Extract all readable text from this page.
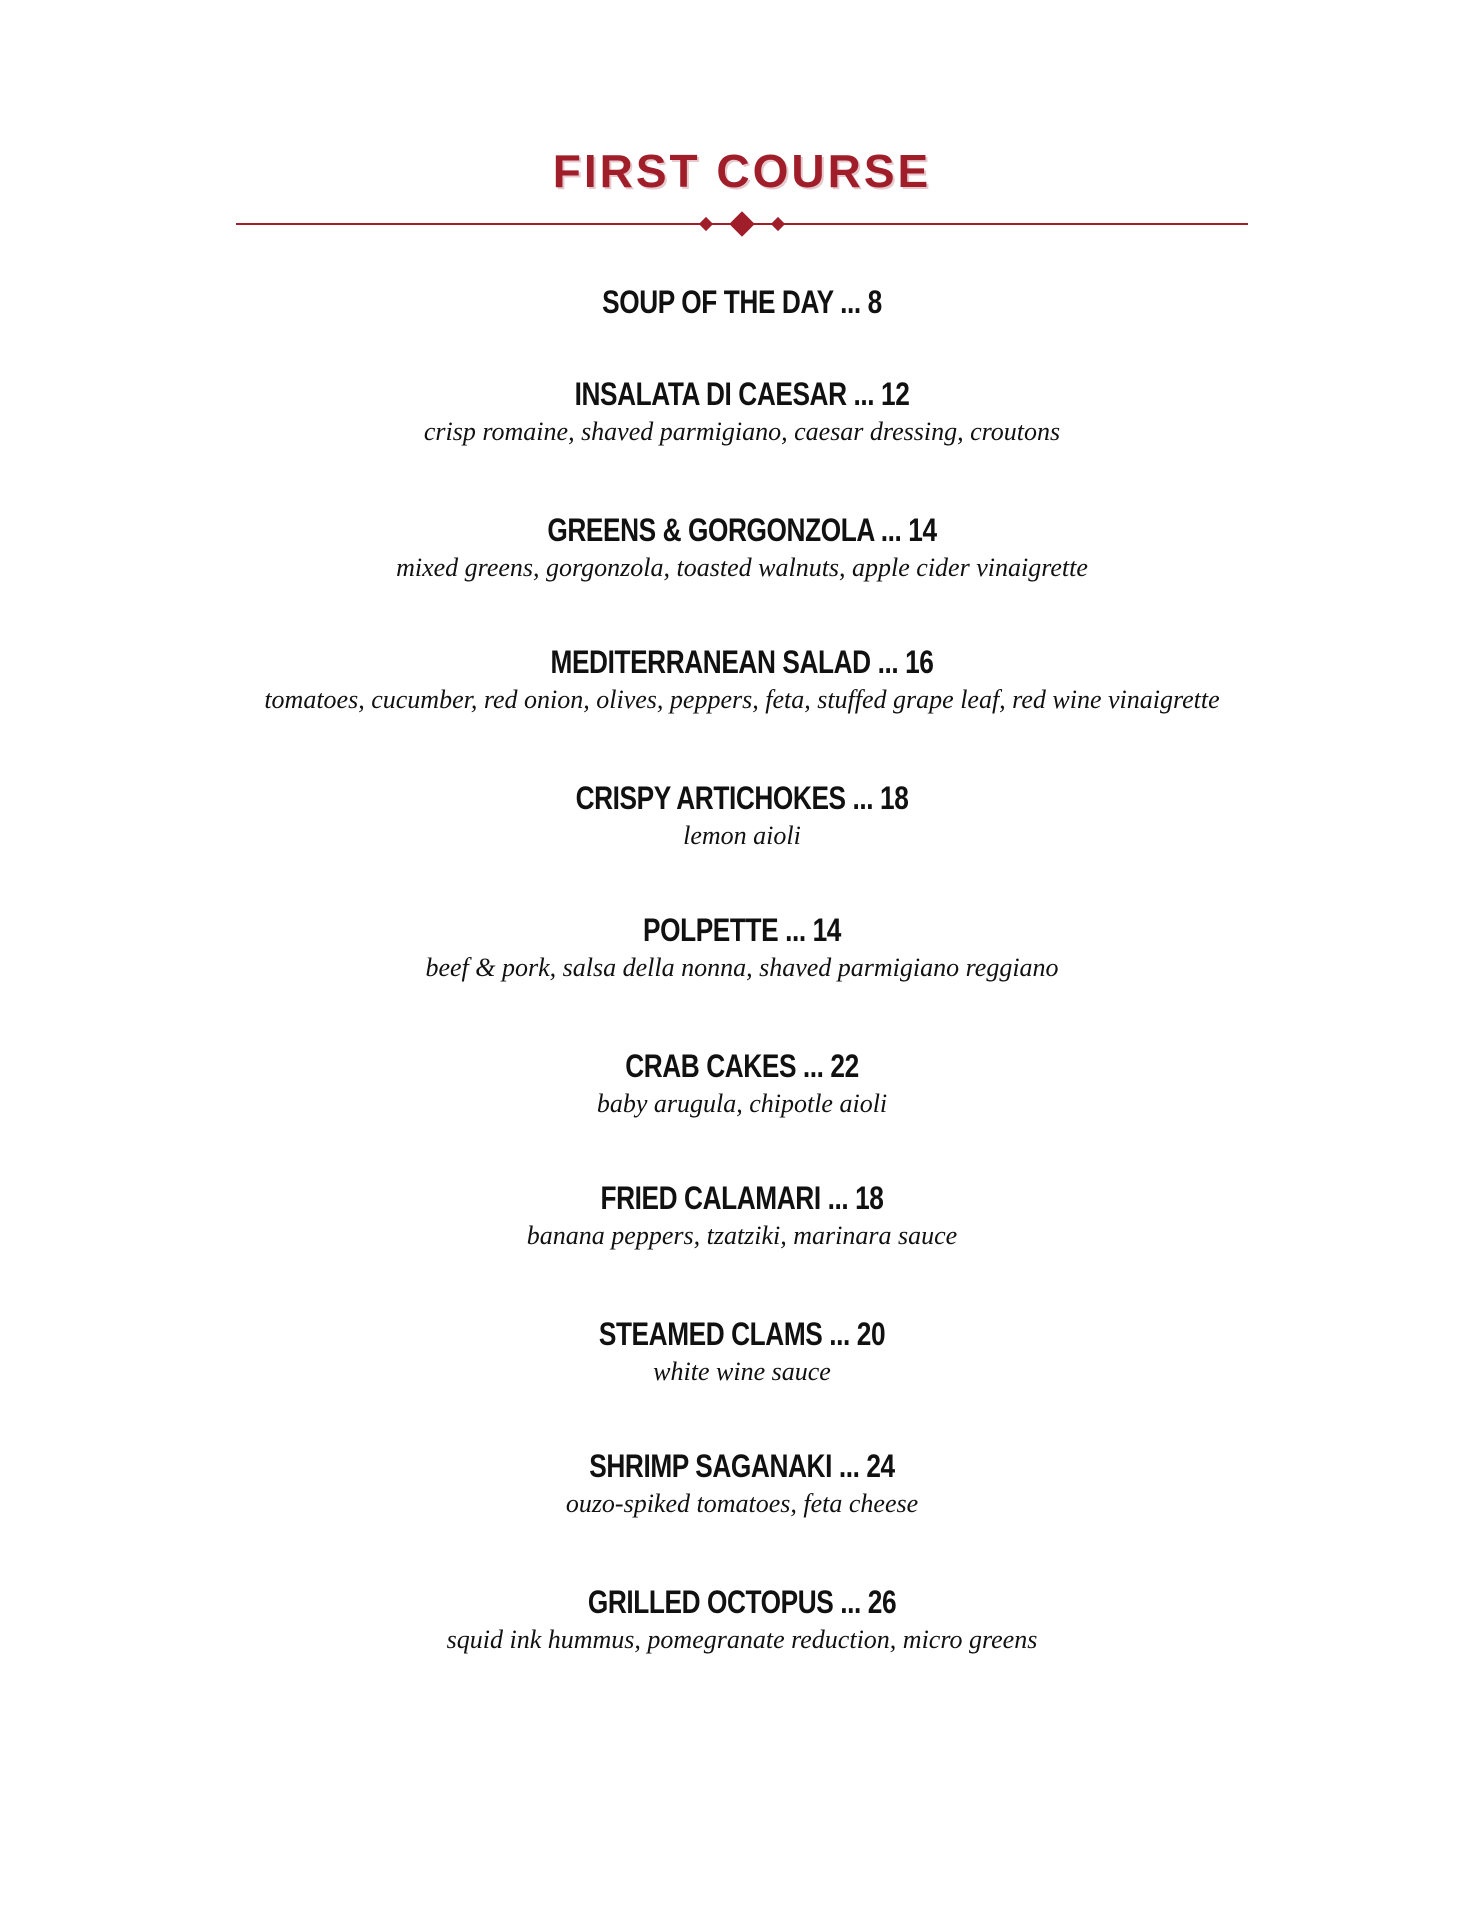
FIRST COURSE
SOUP OF THE DAY ... 8
INSALATA DI CAESAR ... 12
crisp romaine, shaved parmigiano, caesar dressing, croutons
GREENS & GORGONZOLA ... 14
mixed greens, gorgonzola, toasted walnuts, apple cider vinaigrette
MEDITERRANEAN SALAD ... 16
tomatoes, cucumber, red onion, olives, peppers, feta, stuffed grape leaf, red wine vinaigrette
CRISPY ARTICHOKES ... 18
lemon aioli
POLPETTE ... 14
beef & pork, salsa della nonna, shaved parmigiano reggiano
CRAB CAKES ... 22
baby arugula, chipotle aioli
FRIED CALAMARI ... 18
banana peppers, tzatziki, marinara sauce
STEAMED CLAMS ... 20
white wine sauce
SHRIMP SAGANAKI ... 24
ouzo-spiked tomatoes, feta cheese
GRILLED OCTOPUS ... 26
squid ink hummus, pomegranate reduction, micro greens
